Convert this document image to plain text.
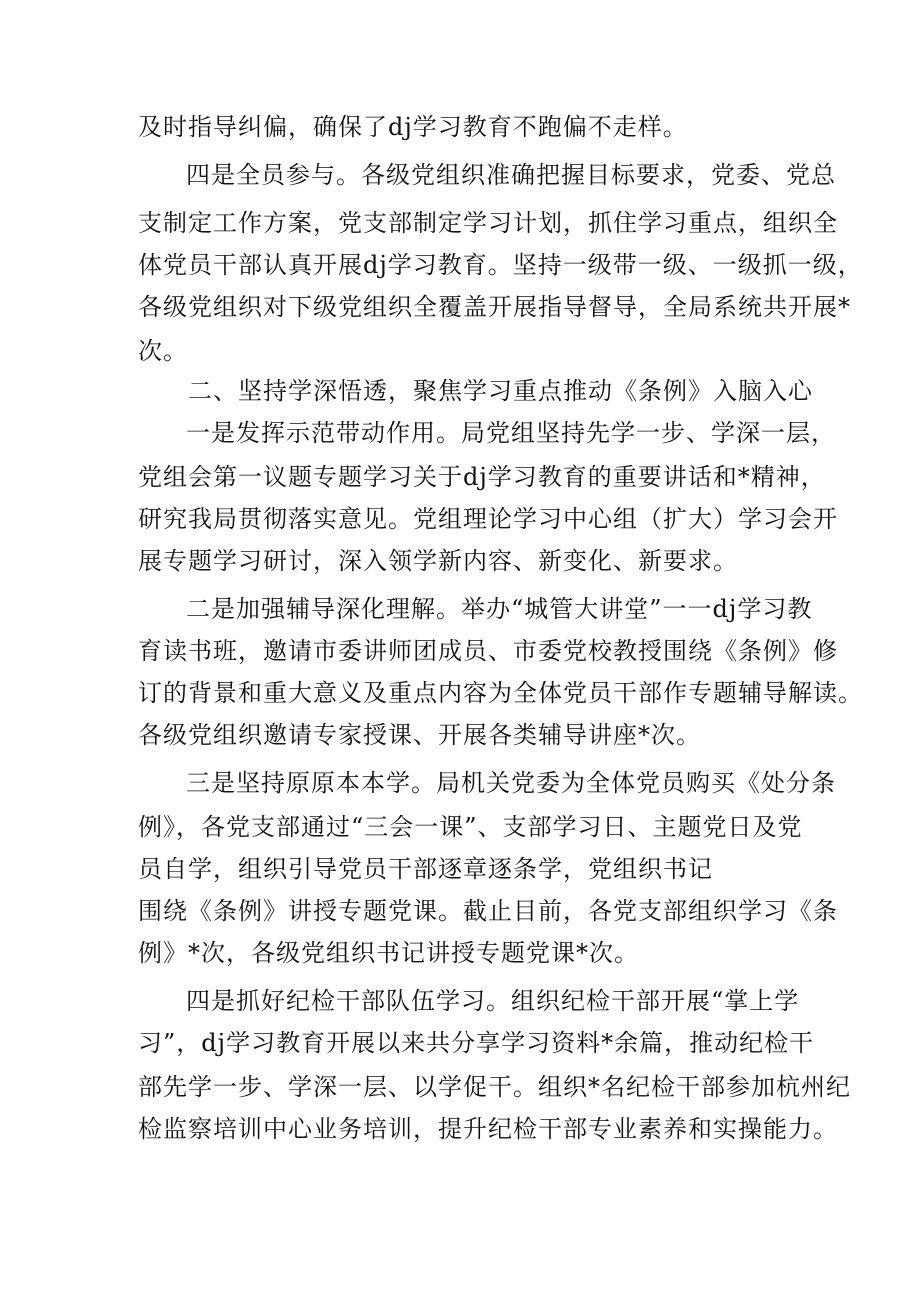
及时指导纠偏，确保了dj学习教育不跑偏不走样。
四是全员参与。各级党组织准确把握目标要求，党委、党总
支制定工作方案，党支部制定学习计划，抓住学习重点，组织全
体党员干部认真开展dj学习教育。坚持一级带一级、一级抓一级，
各级党组织对下级党组织全覆盖开展指导督导，全局系统共开展*
次。
二、坚持学深悟透，聚焦学习重点推动《条例》入脑入心
一是发挥示范带动作用。局党组坚持先学一步、学深一层，
党组会第一议题专题学习关于dj学习教育的重要讲话和*精神，
研究我局贯彻落实意见。党组理论学习中心组（扩大）学习会开
展专题学习研讨，深入领学新内容、新变化、新要求。
二是加强辅导深化理解。举办“城管大讲堂”一一dj学习教
育读书班，邀请市委讲师团成员、市委党校教授围绕《条例》修
订的背景和重大意义及重点内容为全体党员干部作专题辅导解读。
各级党组织邀请专家授课、开展各类辅导讲座*次。
三是坚持原原本本学。局机关党委为全体党员购买《处分条
例》，各党支部通过“三会一课”、支部学习日、主题党日及党
员自学，组织引导党员干部逐章逐条学，党组织书记
围绕《条例》讲授专题党课。截止目前，各党支部组织学习《条
例》*次，各级党组织书记讲授专题党课*次。
四是抓好纪检干部队伍学习。组织纪检干部开展“掌上学
习”，dj学习教育开展以来共分享学习资料*余篇，推动纪检干
部先学一步、学深一层、以学促干。组织*名纪检干部参加杭州纪
检监察培训中心业务培训，提升纪检干部专业素养和实操能力。
